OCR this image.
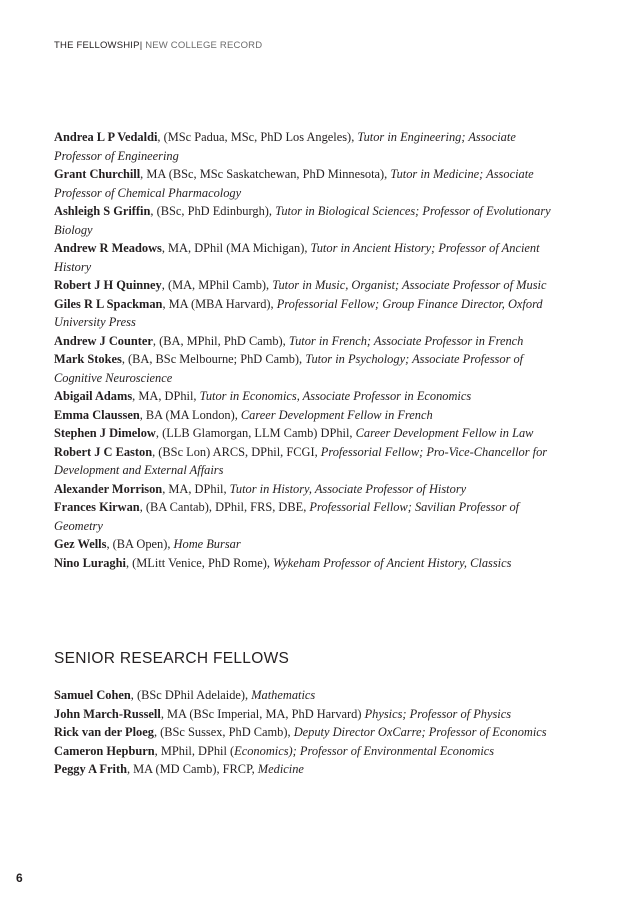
THE FELLOWSHIP| NEW COLLEGE RECORD

Andrea L P Vedaldi, (MSc Padua, MSc, PhD Los Angeles), Tutor in Engineering; Associate Professor of Engineering

Grant Churchill, MA (BSc, MSc Saskatchewan, PhD Minnesota), Tutor in Medicine; Associate Professor of Chemical Pharmacology

Ashleigh S Griffin, (BSc, PhD Edinburgh), Tutor in Biological Sciences; Professor of Evolutionary Biology

Andrew R Meadows, MA, DPhil (MA Michigan), Tutor in Ancient History; Professor of Ancient History

Robert J H Quinney, (MA, MPhil Camb), Tutor in Music, Organist; Associate Professor of Music

Giles R L Spackman, MA (MBA Harvard), Professorial Fellow; Group Finance Director, Oxford University Press

Andrew J Counter, (BA, MPhil, PhD Camb), Tutor in French; Associate Professor in French

Mark Stokes, (BA, BSc Melbourne; PhD Camb), Tutor in Psychology; Associate Professor of Cognitive Neuroscience

Abigail Adams, MA, DPhil, Tutor in Economics, Associate Professor in Economics

Emma Claussen, BA (MA London), Career Development Fellow in French

Stephen J Dimelow, (LLB Glamorgan, LLM Camb) DPhil, Career Development Fellow in Law

Robert J C Easton, (BSc Lon) ARCS, DPhil, FCGI, Professorial Fellow; Pro-Vice-Chancellor for Development and External Affairs

Alexander Morrison, MA, DPhil, Tutor in History, Associate Professor of History

Frances Kirwan, (BA Cantab), DPhil, FRS, DBE, Professorial Fellow; Savilian Professor of Geometry

Gez Wells, (BA Open), Home Bursar

Nino Luraghi, (MLitt Venice, PhD Rome), Wykeham Professor of Ancient History, Classics

SENIOR RESEARCH FELLOWS

Samuel Cohen, (BSc DPhil Adelaide), Mathematics

John March-Russell, MA (BSc Imperial, MA, PhD Harvard) Physics; Professor of Physics

Rick van der Ploeg, (BSc Sussex, PhD Camb), Deputy Director OxCarre; Professor of Economics

Cameron Hepburn, MPhil, DPhil (Economics); Professor of Environmental Economics

Peggy A Frith, MA (MD Camb), FRCP, Medicine

6
